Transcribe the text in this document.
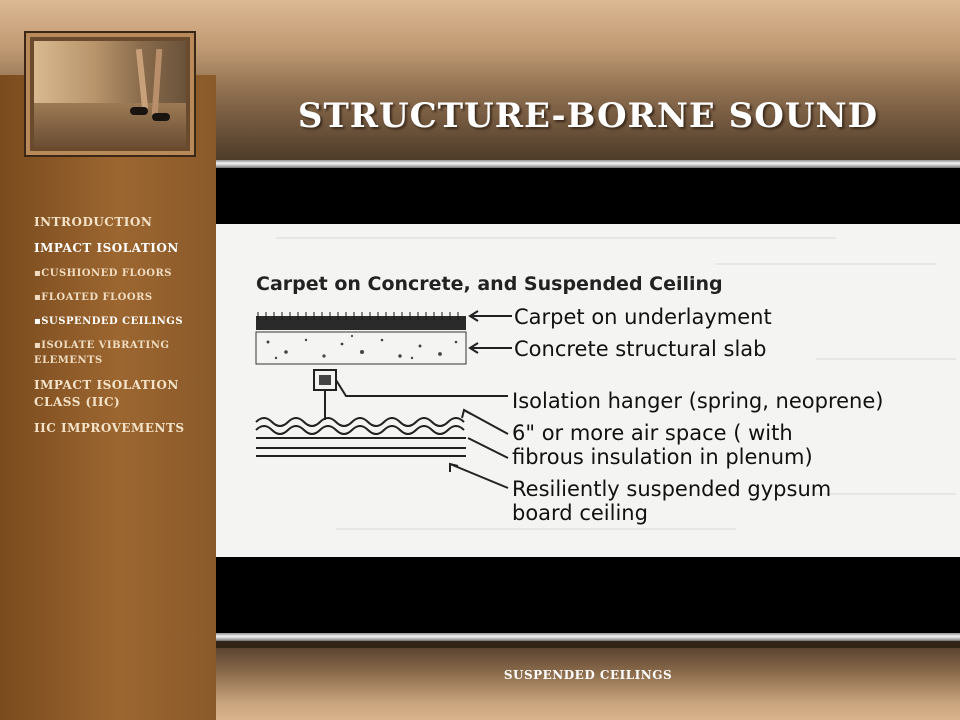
STRUCTURE-BORNE SOUND
Carpet on Concrete, and Suspended Ceiling
Carpet on underlayment
Concrete structural slab
Isolation hanger (spring, neoprene)
6" or more air space ( with
fibrous insulation in plenum)
Resiliently suspended gypsum
board ceiling
INTRODUCTION
IMPACT ISOLATION
▪CUSHIONED FLOORS
▪FLOATED FLOORS
▪SUSPENDED CEILINGS
▪ISOLATE VIBRATING ELEMENTS
IMPACT ISOLATION CLASS (IIC)
IIC IMPROVEMENTS
SUSPENDED CEILINGS
